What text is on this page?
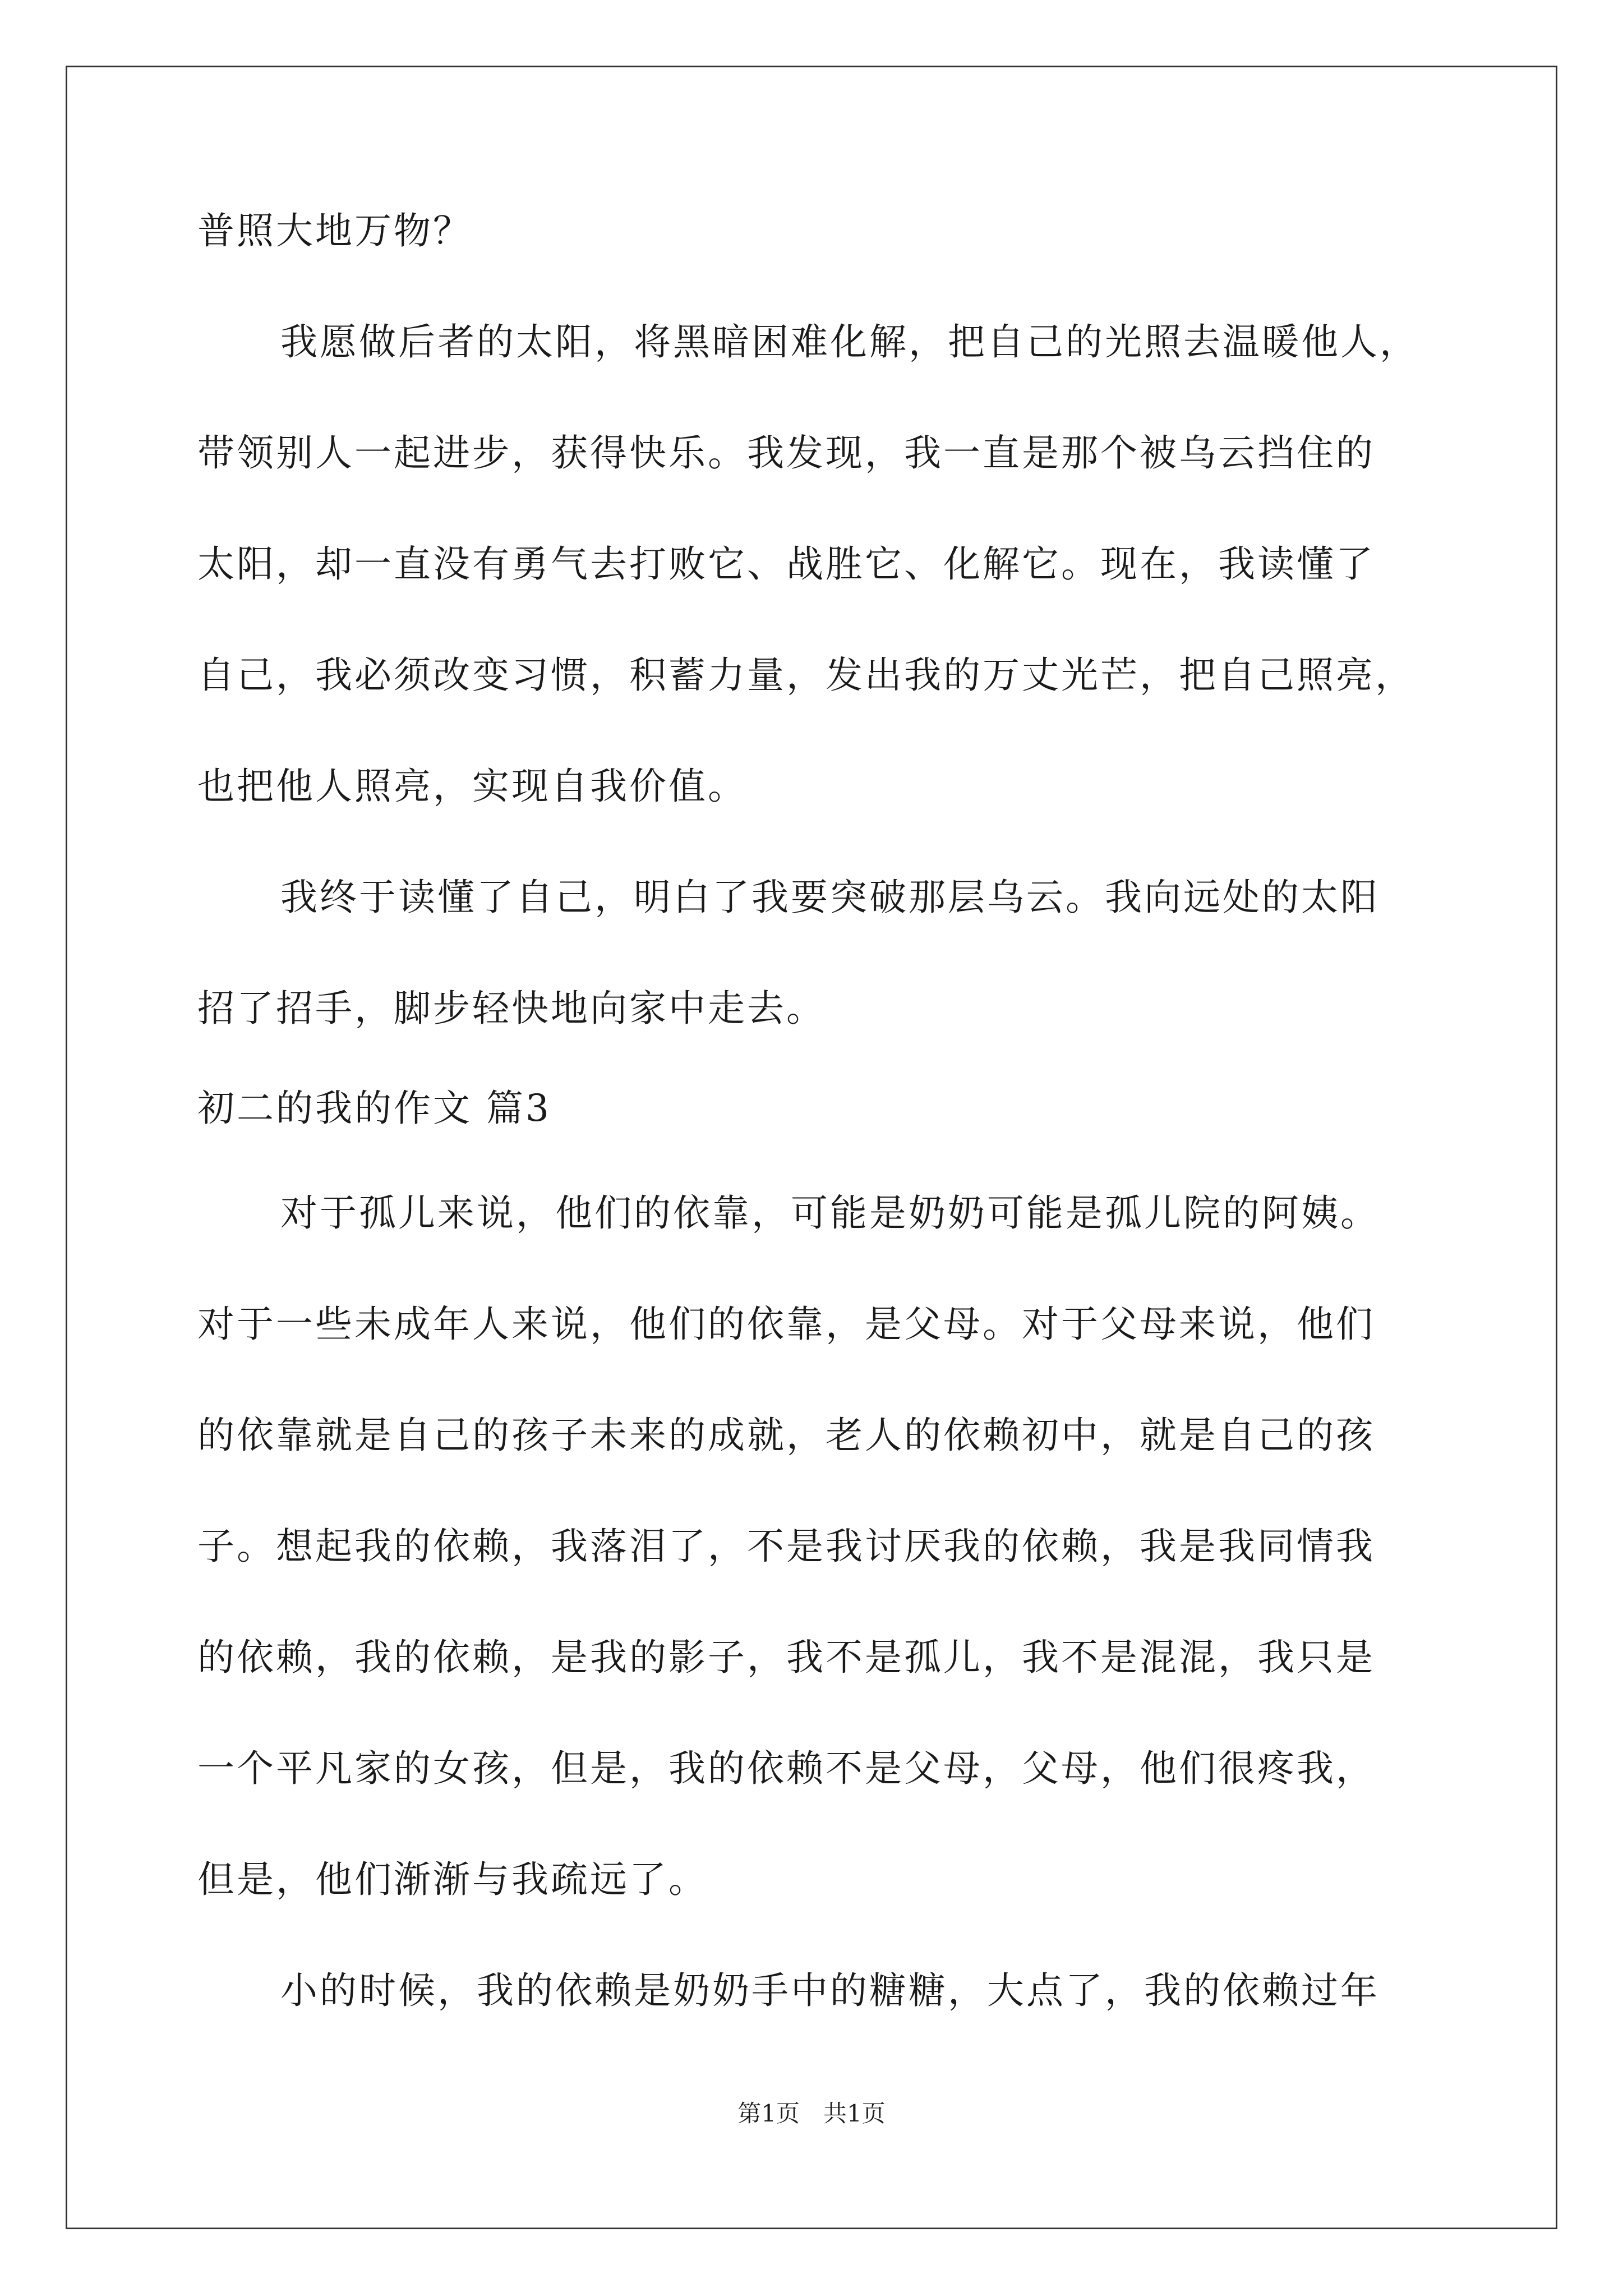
普照大地万物？
我愿做后者的太阳，将黑暗困难化解，把自己的光照去温暖他人，
带领别人一起进步，获得快乐。我发现，我一直是那个被乌云挡住的
太阳，却一直没有勇气去打败它、战胜它、化解它。现在，我读懂了
自己，我必须改变习惯，积蓄力量，发出我的万丈光芒，把自己照亮，
也把他人照亮，实现自我价值。
我终于读懂了自己，明白了我要突破那层乌云。我向远处的太阳
招了招手，脚步轻快地向家中走去。
初二的我的作文 篇3
对于孤儿来说，他们的依靠，可能是奶奶可能是孤儿院的阿姨。
对于一些未成年人来说，他们的依靠，是父母。对于父母来说，他们
的依靠就是自己的孩子未来的成就，老人的依赖初中，就是自己的孩
子。想起我的依赖，我落泪了，不是我讨厌我的依赖，我是我同情我
的依赖，我的依赖，是我的影子，我不是孤儿，我不是混混，我只是
一个平凡家的女孩，但是，我的依赖不是父母，父母，他们很疼我，
但是，他们渐渐与我疏远了。
小的时候，我的依赖是奶奶手中的糖糖，大点了，我的依赖过年
第1页　共1页
